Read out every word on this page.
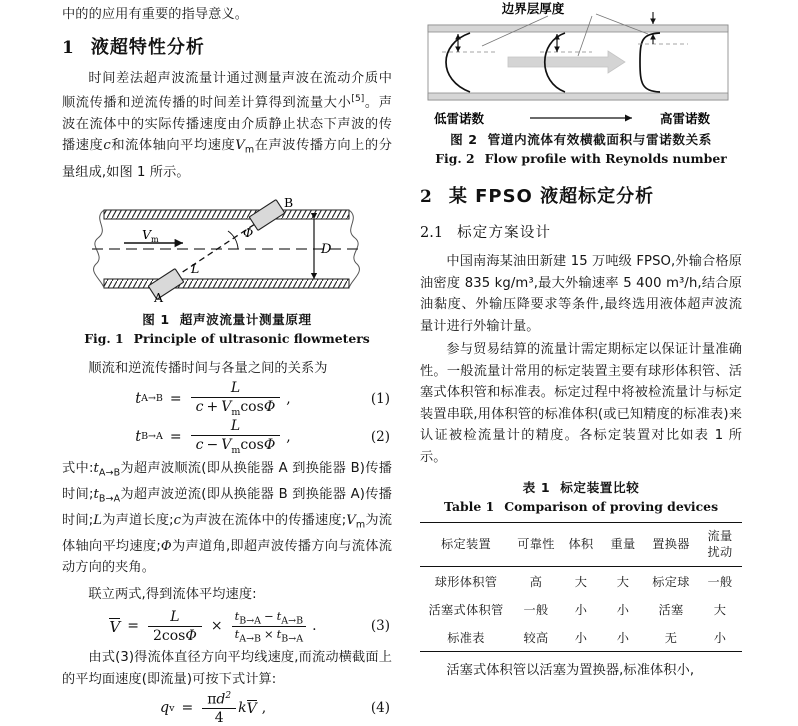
中的的应用有重要的指导意义。

1 液超特性分析

时间差法超声波流量计通过测量声波在流动介质中顺流传播和逆流传播的时间差计算得到流量大小[5]。声波在流体中的实际传播速度由介质静止状态下声波的传播速度c和流体轴向平均速度$V_m$在声波传播方向上的分量组成,如图 1 所示。

B
A
V m	Φ
L
D
图 1 超声波流量计测量原理
Fig. 1 Principle of ultrasonic flowmeters

顺流和逆流传播时间与各量之间的关系为

t $A\to B = \frac{L}{c + V_m\cos\Phi}$ ,	(1)
t $B\to A = \frac{L}{c - V_m\cos\Phi}$ ,	(2)

式中$:t_{A\to B}$为超声波顺流(即从换能器 A 到换能器 B)传播时间$;t_{B\to A}$为超声波逆流(即从换能器 B 到换能器 A)传播时间;L为声道长度;c为声波在流体中的传播速度$;V_m$为流体轴向平均速度;Φ为声道角,即超声波传播方向与流体流动方向的夹角。

联立两式,得到流体平均速度:

$V = \frac{L}{2\cos\Phi} \times \frac{t_{B\to A} - t_{A\to B}}{t_{A\to B} \times t_{B\to A}}$ .	(3)

由式(3)得流体直径方向平均线速度,而流动横截面上的平均面速度(即流量)可按下式计算:

q $v = \frac{\pi d^2}{4}$ k V ,	(4)
边界层厚度
低雷诺数	高雷诺数
图 2 管道内流体有效横截面积与雷诺数关系
Fig. 2 Flow profile with Reynolds number
2 某 FPSO 液超标定分析
2.1 标定方案设计

中国南海某油田新建 15 万吨级 FPSO,外输合格原油密度 835 kg/m³,最大外输速率 5 400 m³/h,结合原油黏度、外输压降要求等条件,最终选用液体超声波流量计进行外输计量。

参与贸易结算的流量计需定期标定以保证计量准确性。一般流量计常用的标定装置主要有球形体积管、活塞式体积管和标准表。标定过程中将被检流量计与标定装置串联,用体积管的标准体积(或已知精度的标准表)来认证被检流量计的精度。各标定装置对比如表 1 所示。

表 1 标定装置比较
Table 1 Comparison of proving devices
标定装置	可靠性	体积	重量	置换器	流量
扰动

球形体积管	高	大	大	标定球	一般
活塞式体积管	一般	小	小	活塞	大
标准表	较高	小	小	无	小

活塞式体积管以活塞为置换器,标准体积小,
